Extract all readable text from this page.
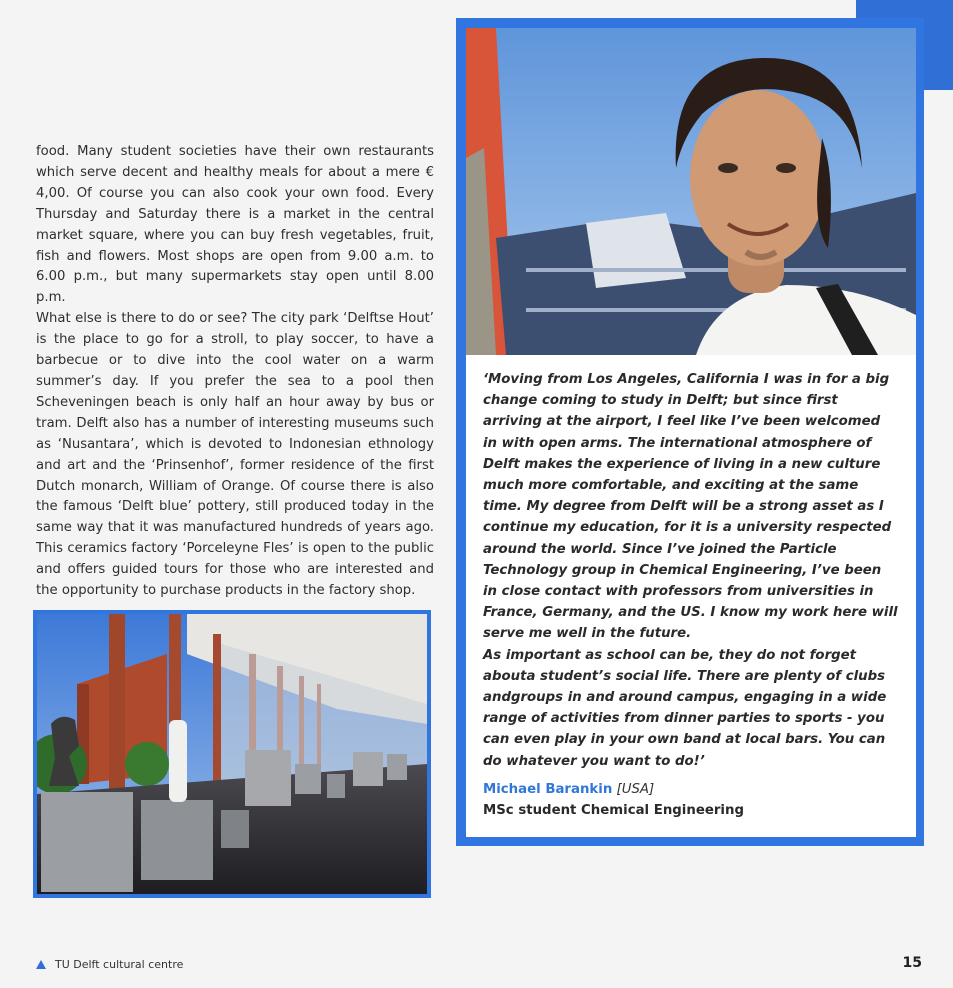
food. Many student societies have their own restaurants which serve decent and healthy meals for about a mere € 4,00. Of course you can also cook your own food. Every Thursday and Saturday there is a market in the central market square, where you can buy fresh vegetables, fruit, fish and flowers. Most shops are open from 9.00 a.m. to 6.00 p.m., but many supermarkets stay open until 8.00 p.m.

What else is there to do or see? The city park ‘Delftse Hout’ is the place to go for a stroll, to play soccer, to have a barbecue or to dive into the cool water on a warm summer’s day. If you prefer the sea to a pool then Scheveningen beach is only half an hour away by bus or tram. Delft also has a number of interesting museums such as ‘Nusantara’, which is devoted to Indonesian ethnology and art and the ‘Prinsenhof’, former residence of the first Dutch monarch, William of Orange. Of course there is also the famous ‘Delft blue’ pottery, still produced today in the same way that it was manufactured hundreds of years ago. This ceramics factory ‘Porceleyne Fles’ is open to the public and offers guided tours for those who are interested and the opportunity to purchase products in the factory shop.

‘Moving from Los Angeles, California I was in for a big change coming to study in Delft; but since first arriving at the airport, I feel like I’ve been welcomed in with open arms. The international atmosphere of Delft makes the experience of living in a new culture much more comfortable, and exciting at the same time. My degree from Delft will be a strong asset as I continue my education, for it is a university respected around the world. Since I’ve joined the Particle Technology group in Chemical Engineering, I’ve been in close contact with professors from universities in France, Germany, and the US. I know my work here will serve me well in the future.

As important as school can be, they do not forget abouta student’s social life. There are plenty of clubs andgroups in and around campus, engaging in a wide range of activities from dinner parties to sports - you can even play in your own band at local bars. You can do whatever you want to do!’

Michael Barankin [USA]
MSc student Chemical Engineering
TU Delft cultural centre	15
